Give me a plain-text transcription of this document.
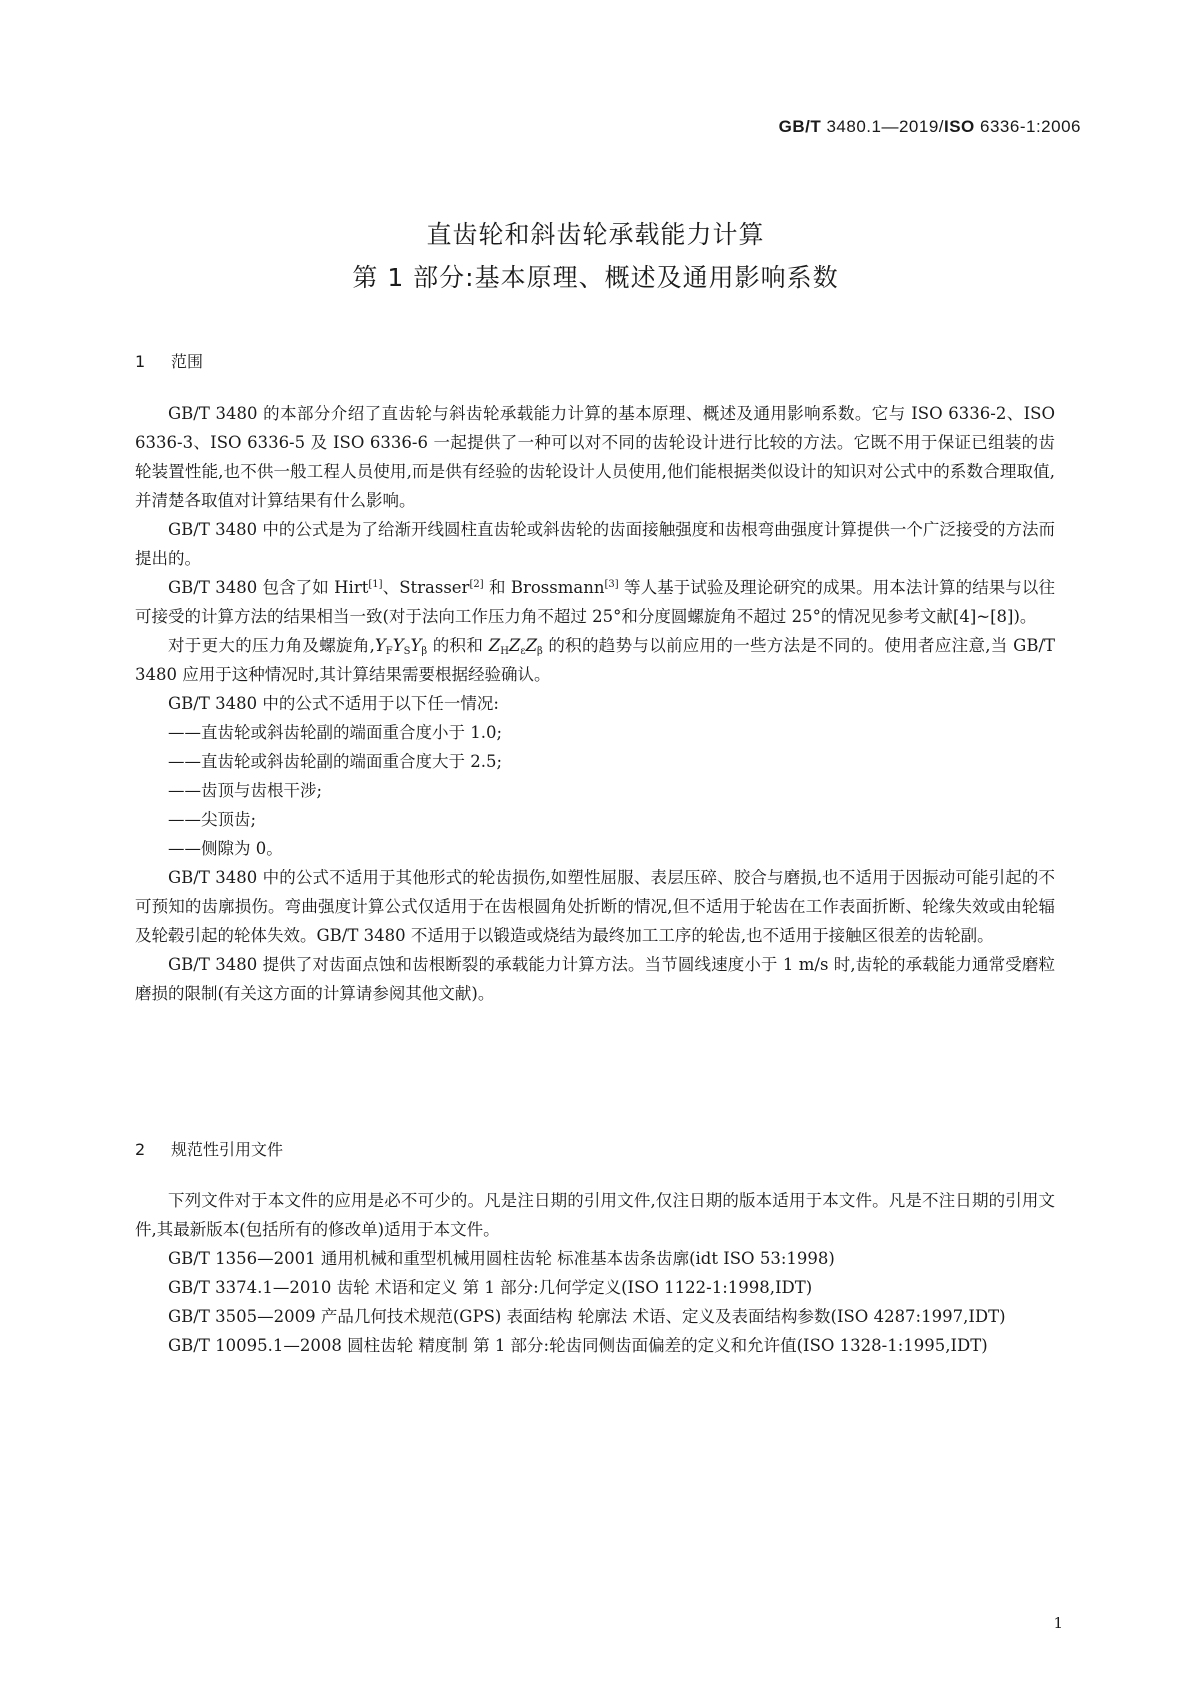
GB/T 3480.1—2019/ISO 6336-1:2006
直齿轮和斜齿轮承载能力计算
第 1 部分:基本原理、概述及通用影响系数
1 范围

GB/T 3480 的本部分介绍了直齿轮与斜齿轮承载能力计算的基本原理、概述及通用影响系数。它与 ISO 6336-2、ISO 6336-3、ISO 6336-5 及 ISO 6336-6 一起提供了一种可以对不同的齿轮设计进行比较的方法。它既不用于保证已组装的齿轮装置性能,也不供一般工程人员使用,而是供有经验的齿轮设计人员使用,他们能根据类似设计的知识对公式中的系数合理取值,并清楚各取值对计算结果有什么影响。

GB/T 3480 中的公式是为了给渐开线圆柱直齿轮或斜齿轮的齿面接触强度和齿根弯曲强度计算提供一个广泛接受的方法而提出的。

GB/T 3480 包含了如 Hirt[1]、Strasser[2] 和 Brossmann[3] 等人基于试验及理论研究的成果。用本法计算的结果与以往可接受的计算方法的结果相当一致(对于法向工作压力角不超过 25°和分度圆螺旋角不超过 25°的情况见参考文献[4]~[8])。

对于更大的压力角及螺旋角$,Y_FY_SY_\beta$ 的积和 $Z_HZ_\varepsilon Z_\beta$ 的积的趋势与以前应用的一些方法是不同的。使用者应注意,当 GB/T 3480 应用于这种情况时,其计算结果需要根据经验确认。

GB/T 3480 中的公式不适用于以下任一情况:

——直齿轮或斜齿轮副的端面重合度小于 1.0;

——直齿轮或斜齿轮副的端面重合度大于 2.5;

——齿顶与齿根干涉;

——尖顶齿;

——侧隙为 0。

GB/T 3480 中的公式不适用于其他形式的轮齿损伤,如塑性屈服、表层压碎、胶合与磨损,也不适用于因振动可能引起的不可预知的齿廓损伤。弯曲强度计算公式仅适用于在齿根圆角处折断的情况,但不适用于轮齿在工作表面折断、轮缘失效或由轮辐及轮毂引起的轮体失效。GB/T 3480 不适用于以锻造或烧结为最终加工工序的轮齿,也不适用于接触区很差的齿轮副。

GB/T 3480 提供了对齿面点蚀和齿根断裂的承载能力计算方法。当节圆线速度小于 1 m/s 时,齿轮的承载能力通常受磨粒磨损的限制(有关这方面的计算请参阅其他文献)。

2 规范性引用文件

下列文件对于本文件的应用是必不可少的。凡是注日期的引用文件,仅注日期的版本适用于本文件。凡是不注日期的引用文件,其最新版本(包括所有的修改单)适用于本文件。

GB/T 1356—2001 通用机械和重型机械用圆柱齿轮 标准基本齿条齿廓(idt ISO 53:1998)

GB/T 3374.1—2010 齿轮 术语和定义 第 1 部分:几何学定义(ISO 1122-1:1998,IDT)

GB/T 3505—2009 产品几何技术规范(GPS) 表面结构 轮廓法 术语、定义及表面结构参数(ISO 4287:1997,IDT)

GB/T 10095.1—2008 圆柱齿轮 精度制 第 1 部分:轮齿同侧齿面偏差的定义和允许值(ISO 1328-1:1995,IDT)

1
